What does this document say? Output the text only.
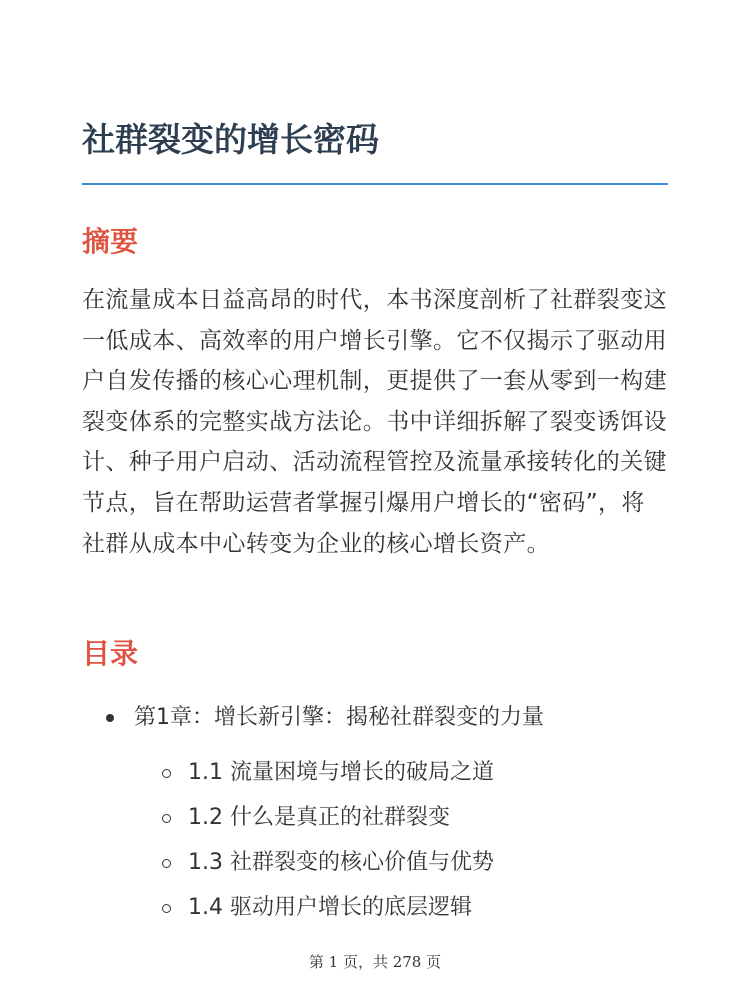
社群裂变的增长密码
摘要

在流量成本日益高昂的时代，本书深度剖析了社群裂变这一低成本、高效率的用户增长引擎。它不仅揭示了驱动用户自发传播的核心心理机制，更提供了一套从零到一构建裂变体系的完整实战方法论。书中详细拆解了裂变诱饵设计、种子用户启动、活动流程管控及流量承接转化的关键节点，旨在帮助运营者掌握引爆用户增长的“密码”，将社群从成本中心转变为企业的核心增长资产。

目录
第1章：增长新引擎：揭秘社群裂变的力量
1.1 流量困境与增长的破局之道
1.2 什么是真正的社群裂变
1.3 社群裂变的核心价值与优势
1.4 驱动用户增长的底层逻辑
第 1 页，共 278 页
